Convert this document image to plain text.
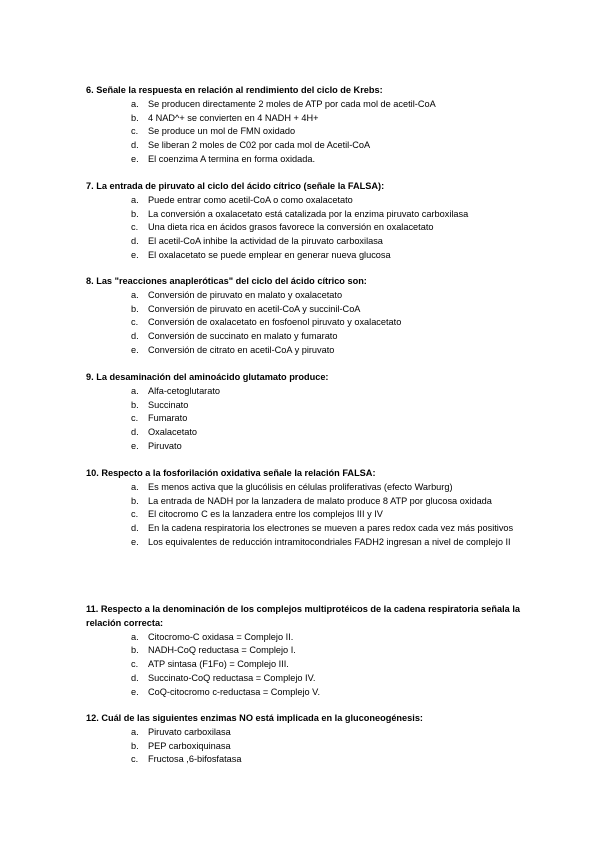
6. Señale la respuesta en relación al rendimiento del ciclo de Krebs:

a. Se producen directamente 2 moles de ATP por cada mol de acetil-CoA
b. 4 NAD^+ se convierten en 4 NADH + 4H+
c. Se produce un mol de FMN oxidado
d. Se liberan 2 moles de C02 por cada mol de Acetil-CoA
e. El coenzima A termina en forma oxidada.

7. La entrada de piruvato al ciclo del ácido cítrico (señale la FALSA):

a. Puede entrar como acetil-CoA o como oxalacetato
b. La conversión a oxalacetato está catalizada por la enzima piruvato carboxilasa
c. Una dieta rica en ácidos grasos favorece la conversión en oxalacetato
d. El acetil-CoA inhibe la actividad de la piruvato carboxilasa
e. El oxalacetato se puede emplear en generar nueva glucosa

8. Las "reacciones anapleróticas" del ciclo del ácido cítrico son:

a. Conversión de piruvato en malato y oxalacetato
b. Conversión de piruvato en acetil-CoA y succinil-CoA
c. Conversión de oxalacetato en fosfoenol piruvato y oxalacetato
d. Conversión de succinato en malato y fumarato
e. Conversión de citrato en acetil-CoA y piruvato

9. La desaminación del aminoácido glutamato produce:

a. Alfa-cetoglutarato
b. Succinato
c. Fumarato
d. Oxalacetato
e. Piruvato

10. Respecto a la fosforilación oxidativa señale la relación FALSA:

a. Es menos activa que la glucólisis en células proliferativas (efecto Warburg)
b. La entrada de NADH por la lanzadera de malato produce 8 ATP por glucosa oxidada
c. El citocromo C es la lanzadera entre los complejos III y IV
d. En la cadena respiratoria los electrones se mueven a pares redox cada vez más positivos
e. Los equivalentes de reducción intramitocondriales FADH2 ingresan a nivel de complejo II

11. Respecto a la denominación de los complejos multiprotéicos de la cadena respiratoria señala la relación correcta:

a. Citocromo-C oxidasa = Complejo II.
b. NADH-CoQ reductasa = Complejo I.
c. ATP sintasa (F1Fo) = Complejo III.
d. Succinato-CoQ reductasa = Complejo IV.
e. CoQ-citocromo c-reductasa = Complejo V.

12. Cuál de las siguientes enzimas NO está implicada en la gluconeogénesis:

a. Piruvato carboxilasa
b. PEP carboxiquinasa
c. Fructosa ,6-bifosfatasa
